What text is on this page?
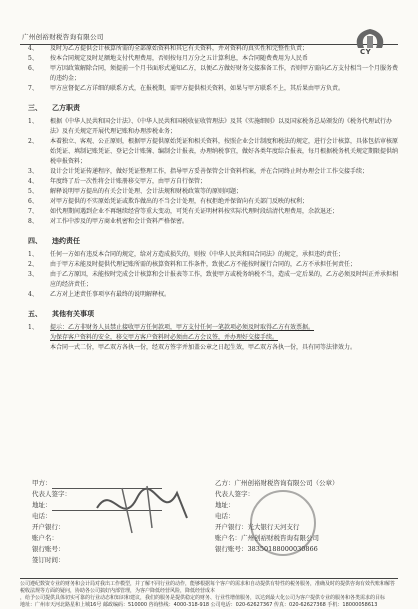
广州创裕财税咨询有限公司
CY
4、	及时为乙方提供会计核算所需的全部原始资料和其它有关资料，并对资料的真实性和完整性负责；
5、	按本合同规定及时足额地支付代理费用，否则按每月万分之五计算利息，本合同随费费用为人民币
6、	甲方因政策解除合同，须提前一个月书面形式通知乙方，以便乙方做好财务交接准备工作，否则甲方需向乙方支付相当一个月服务费的违约金；
7、	甲方应督促乙方详细的联系方式，在报税期，需甲方提供相关资料，如果与甲方联系不上，其后果由甲方负责。
三、 乙方职责
1、	根据《中华人民共和国会计法》、《中华人民共和国税收征收管理法》及其《实施细则》以及国家税务总局颁发的《税务代理试行办法》及有关规定开展代理记账和办理涉税业务；
2、	本着独立、客观、公正原则，根据甲方提供原始凭证和相关资料，按照企业会计制度和税法的规定，进行会计核算，具体包括审核原始凭证、填制记账凭证、登记会计账簿、编制会计报表，办理纳税事宜，做好各类年度综合报表，每月根据税务机关规定期限提供纳税申报资料；
3、	设计会计凭证传递程序，做好凭证整理工作，指导甲方妥善保管会计资料档案，并在合同终止时办理会计工作交接手续；
4、	年度终了后一次性将会计账册移交甲方，由甲方自行保管；
5、	解释说明甲方提出的有关会计处理、会计法规和财税政策等的原则问题；
6、	对甲方提供的不实原始凭证或欺诈做出的不当会计处理，有权拒绝并保留向有关部门反映的权利；
7、	如代理期间遇到企业不再继续经营等重大变动，可凭有关证明材料按实际代理时段结清代理费用，余款退还；
8、	对工作中涉及的甲方商业机密和会计资料严格保密。
四、 违约责任
1、	任何一方如有违反本合同的规定，给对方造成损失的，则按《中华人民共和国合同法》的规定，承担违约责任；
2、	由于甲方未能及时提供代理记账所需的核算资料和工作条件，致使乙方不能按时履行合同的，乙方不承担任何责任；
3、	由于乙方原因，未能按时完成会计核算和会计报表等工作，致使甲方或税务纳税不当，造成一定后果的，乙方必须及时纠正并承担相应的经济责任；
4、	乙方对上述责任事项享有最终的说明解释权。
五、 其他有关事项
1、	提示：乙方非财务人员禁止接收甲方任何款项，甲方支付任何一笔款项必须及时取得乙方有效票据。
为保存客户资料的安全，移交甲方客户资料时必须由乙方会议签，并办理好交接手续。
本合同一式二份，甲乙双方各执一份，经双方签字并加盖公章之日起生效，甲乙双方各执一份，具有同等法律效力。
甲方：
代表人签字：
地址：
电话：
开户银行：
账户名：
银行账号：
签订时间：
乙方：广州创裕财税咨询有限公司（公章）
代表人签字：
地址：
电话：
开户银行：光大银行天河支行
账户名：广州创裕财税咨询有限公司
银行账号：38350188000030866
公司遵纪数资专业的财务和会计局对我出工作模型，并了解不同行业的动作，能够根据每个客户的需求和自动提供有特性的税务服务，准确及时的提供咨询有效代账和解答税收法规等方面的疑问，协助各公司搞好内部管理，为客户降低经营风险，降低经营成本
，给予公司提供具体切实可靠的行业动态和知识和建议，我们的服务是提供稳定的财务、行业性增值服务，以达到最大化公司为客户提供专业的服务和各类需求的目标
地址：广州市天河北路星和上城16号 邮政编码：510000 咨询热线：4000-318-918 公司电话：020-62627367 传真：020-62627368 手机：18000058613
